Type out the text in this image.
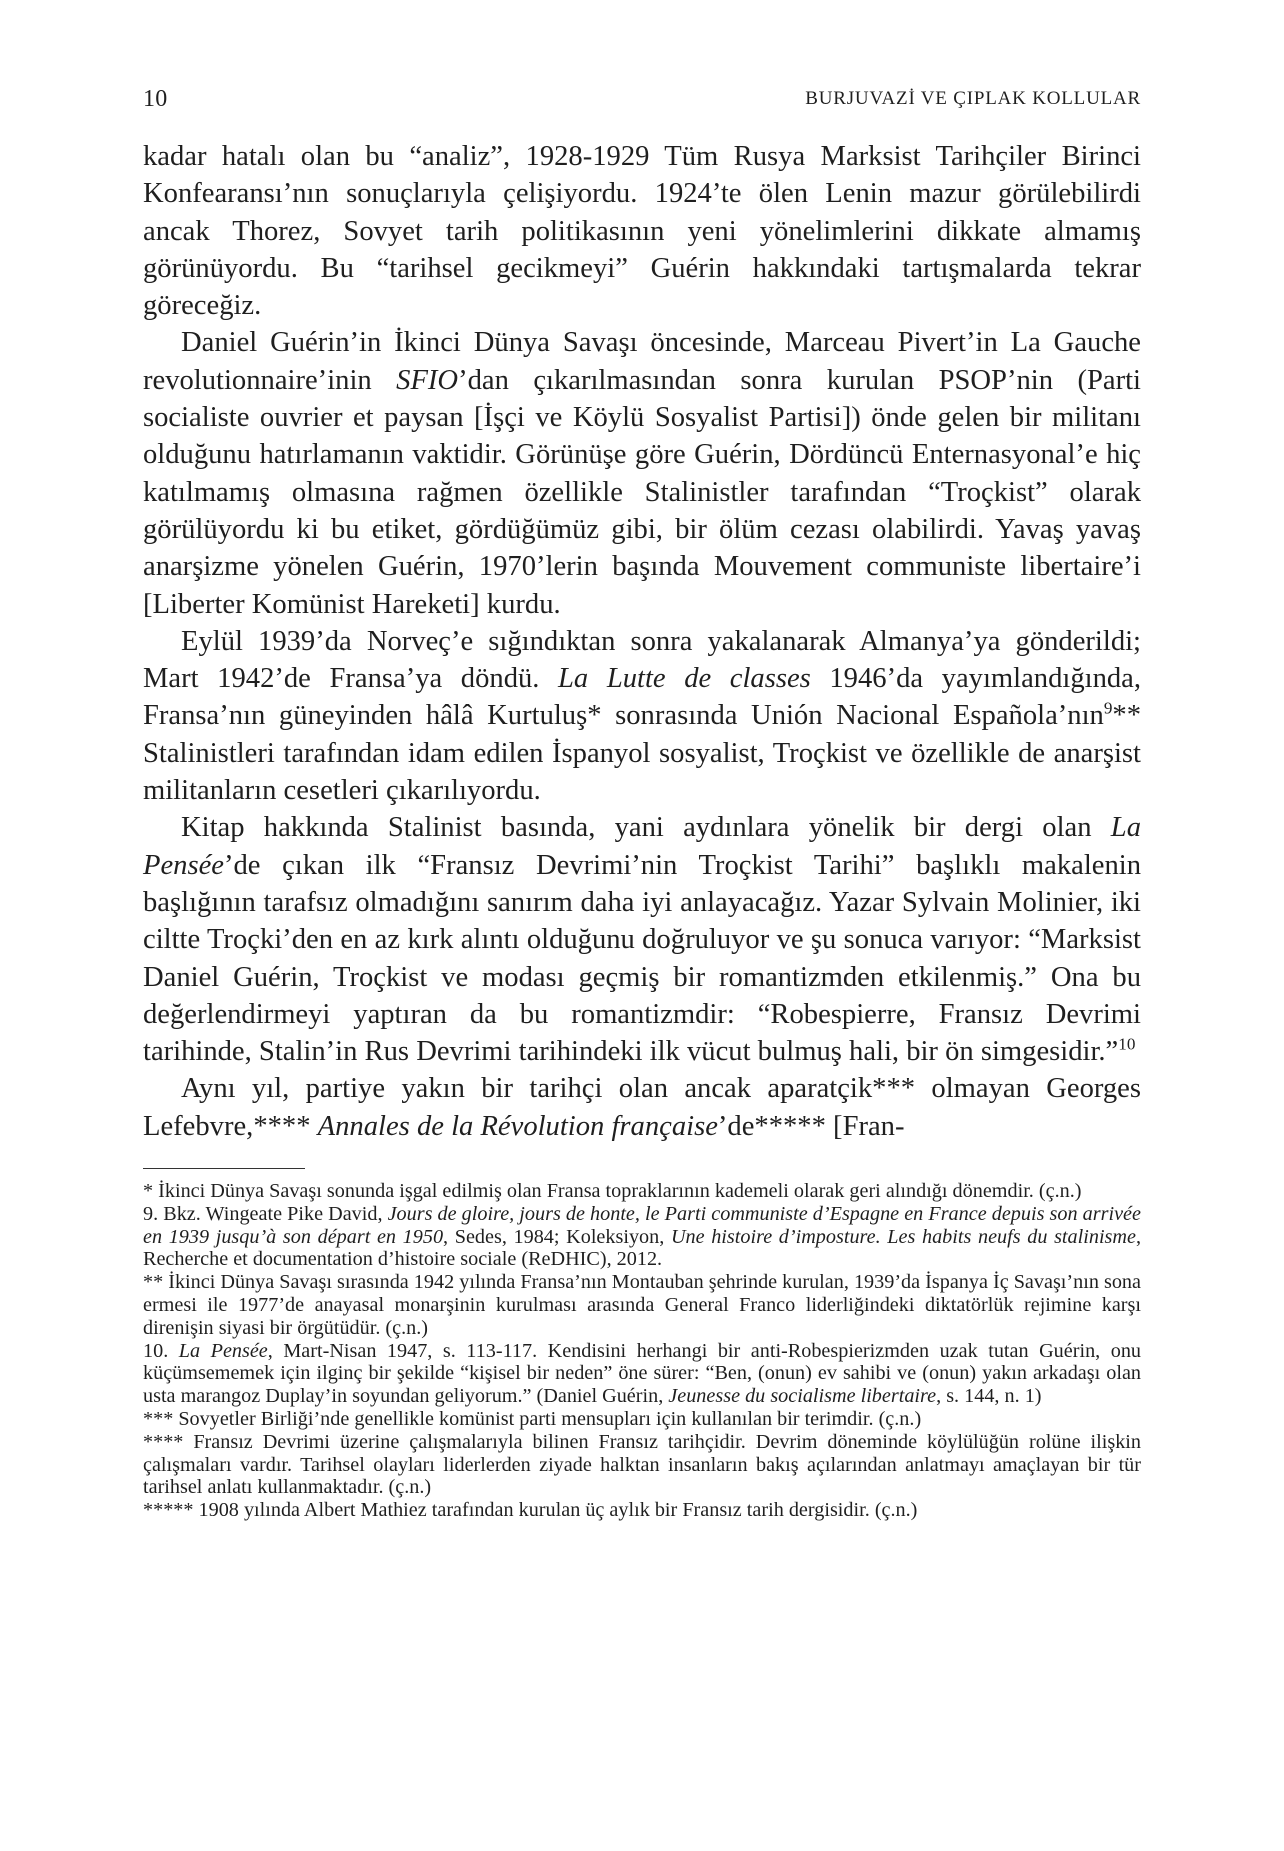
10	BURJUVAZİ VE ÇIPLAK KOLLULAR

kadar hatalı olan bu “analiz”, 1928-1929 Tüm Rusya Marksist Tarihçiler Birinci Konfearansı’nın sonuçlarıyla çelişiyordu. 1924’te ölen Lenin mazur görülebilirdi ancak Thorez, Sovyet tarih politikasının yeni yönelimlerini dikkate almamış görünüyordu. Bu “tarihsel gecikmeyi” Guérin hakkındaki tartışmalarda tekrar göreceğiz.

Daniel Guérin’in İkinci Dünya Savaşı öncesinde, Marceau Pivert’in La Gauche revolutionnaire’inin SFIO’dan çıkarılmasından sonra kurulan PSOP’nin (Parti socialiste ouvrier et paysan [İşçi ve Köylü Sosyalist Partisi]) önde gelen bir militanı olduğunu hatırlamanın vaktidir. Görünüşe göre Guérin, Dördüncü Enternasyonal’e hiç katılmamış olmasına rağmen özellikle Stalinistler tarafından “Troçkist” olarak görülüyordu ki bu etiket, gördüğümüz gibi, bir ölüm cezası olabilirdi. Yavaş yavaş anarşizme yönelen Guérin, 1970’lerin başında Mouvement communiste libertaire’i [Liberter Komünist Hareketi] kurdu.

Eylül 1939’da Norveç’e sığındıktan sonra yakalanarak Almanya’ya gönderildi; Mart 1942’de Fransa’ya döndü. La Lutte de classes 1946’da yayımlandığında, Fransa’nın güneyinden hâlâ Kurtuluş* sonrasında Unión Nacional Española’nın$^9$** Stalinistleri tarafından idam edilen İspanyol sosyalist, Troçkist ve özellikle de anarşist militanların cesetleri çıkarılıyordu.

Kitap hakkında Stalinist basında, yani aydınlara yönelik bir dergi olan La Pensée’de çıkan ilk “Fransız Devrimi’nin Troçkist Tarihi” başlıklı makalenin başlığının tarafsız olmadığını sanırım daha iyi anlayacağız. Yazar Sylvain Molinier, iki ciltte Troçki’den en az kırk alıntı olduğunu doğruluyor ve şu sonuca varıyor: “Marksist Daniel Guérin, Troçkist ve modası geçmiş bir romantizmden etkilenmiş.” Ona bu değerlendirmeyi yaptıran da bu romantizmdir: “Robespierre, Fransız Devrimi tarihinde, Stalin’in Rus Devrimi tarihindeki ilk vücut bulmuş hali, bir ön simgesidir.”$^{10}$

Aynı yıl, partiye yakın bir tarihçi olan ancak aparatçik*** olmayan Georges Lefebvre,**** Annales de la Révolution française’de***** [Fran-

* İkinci Dünya Savaşı sonunda işgal edilmiş olan Fransa topraklarının kademeli olarak geri alındığı dönemdir. (ç.n.)

9. Bkz. Wingeate Pike David, Jours de gloire, jours de honte, le Parti communiste d’Espagne en France depuis son arrivée en 1939 jusqu’à son départ en 1950, Sedes, 1984; Koleksiyon, Une histoire d’imposture. Les habits neufs du stalinisme, Recherche et documentation d’histoire sociale (ReDHIC), 2012.

** İkinci Dünya Savaşı sırasında 1942 yılında Fransa’nın Montauban şehrinde kurulan, 1939’da İspanya İç Savaşı’nın sona ermesi ile 1977’de anayasal monarşinin kurulması arasında General Franco liderliğindeki diktatörlük rejimine karşı direnişin siyasi bir örgütüdür. (ç.n.)

10. La Pensée, Mart-Nisan 1947, s. 113-117. Kendisini herhangi bir anti-Robespierizmden uzak tutan Guérin, onu küçümsememek için ilginç bir şekilde “kişisel bir neden” öne sürer: “Ben, (onun) ev sahibi ve (onun) yakın arkadaşı olan usta marangoz Duplay’in soyundan geliyorum.” (Daniel Guérin, Jeunesse du socialisme libertaire, s. 144, n. 1)

*** Sovyetler Birliği’nde genellikle komünist parti mensupları için kullanılan bir terimdir. (ç.n.)

**** Fransız Devrimi üzerine çalışmalarıyla bilinen Fransız tarihçidir. Devrim döneminde köylülüğün rolüne ilişkin çalışmaları vardır. Tarihsel olayları liderlerden ziyade halktan insanların bakış açılarından anlatmayı amaçlayan bir tür tarihsel anlatı kullanmaktadır. (ç.n.)

***** 1908 yılında Albert Mathiez tarafından kurulan üç aylık bir Fransız tarih dergisidir. (ç.n.)
